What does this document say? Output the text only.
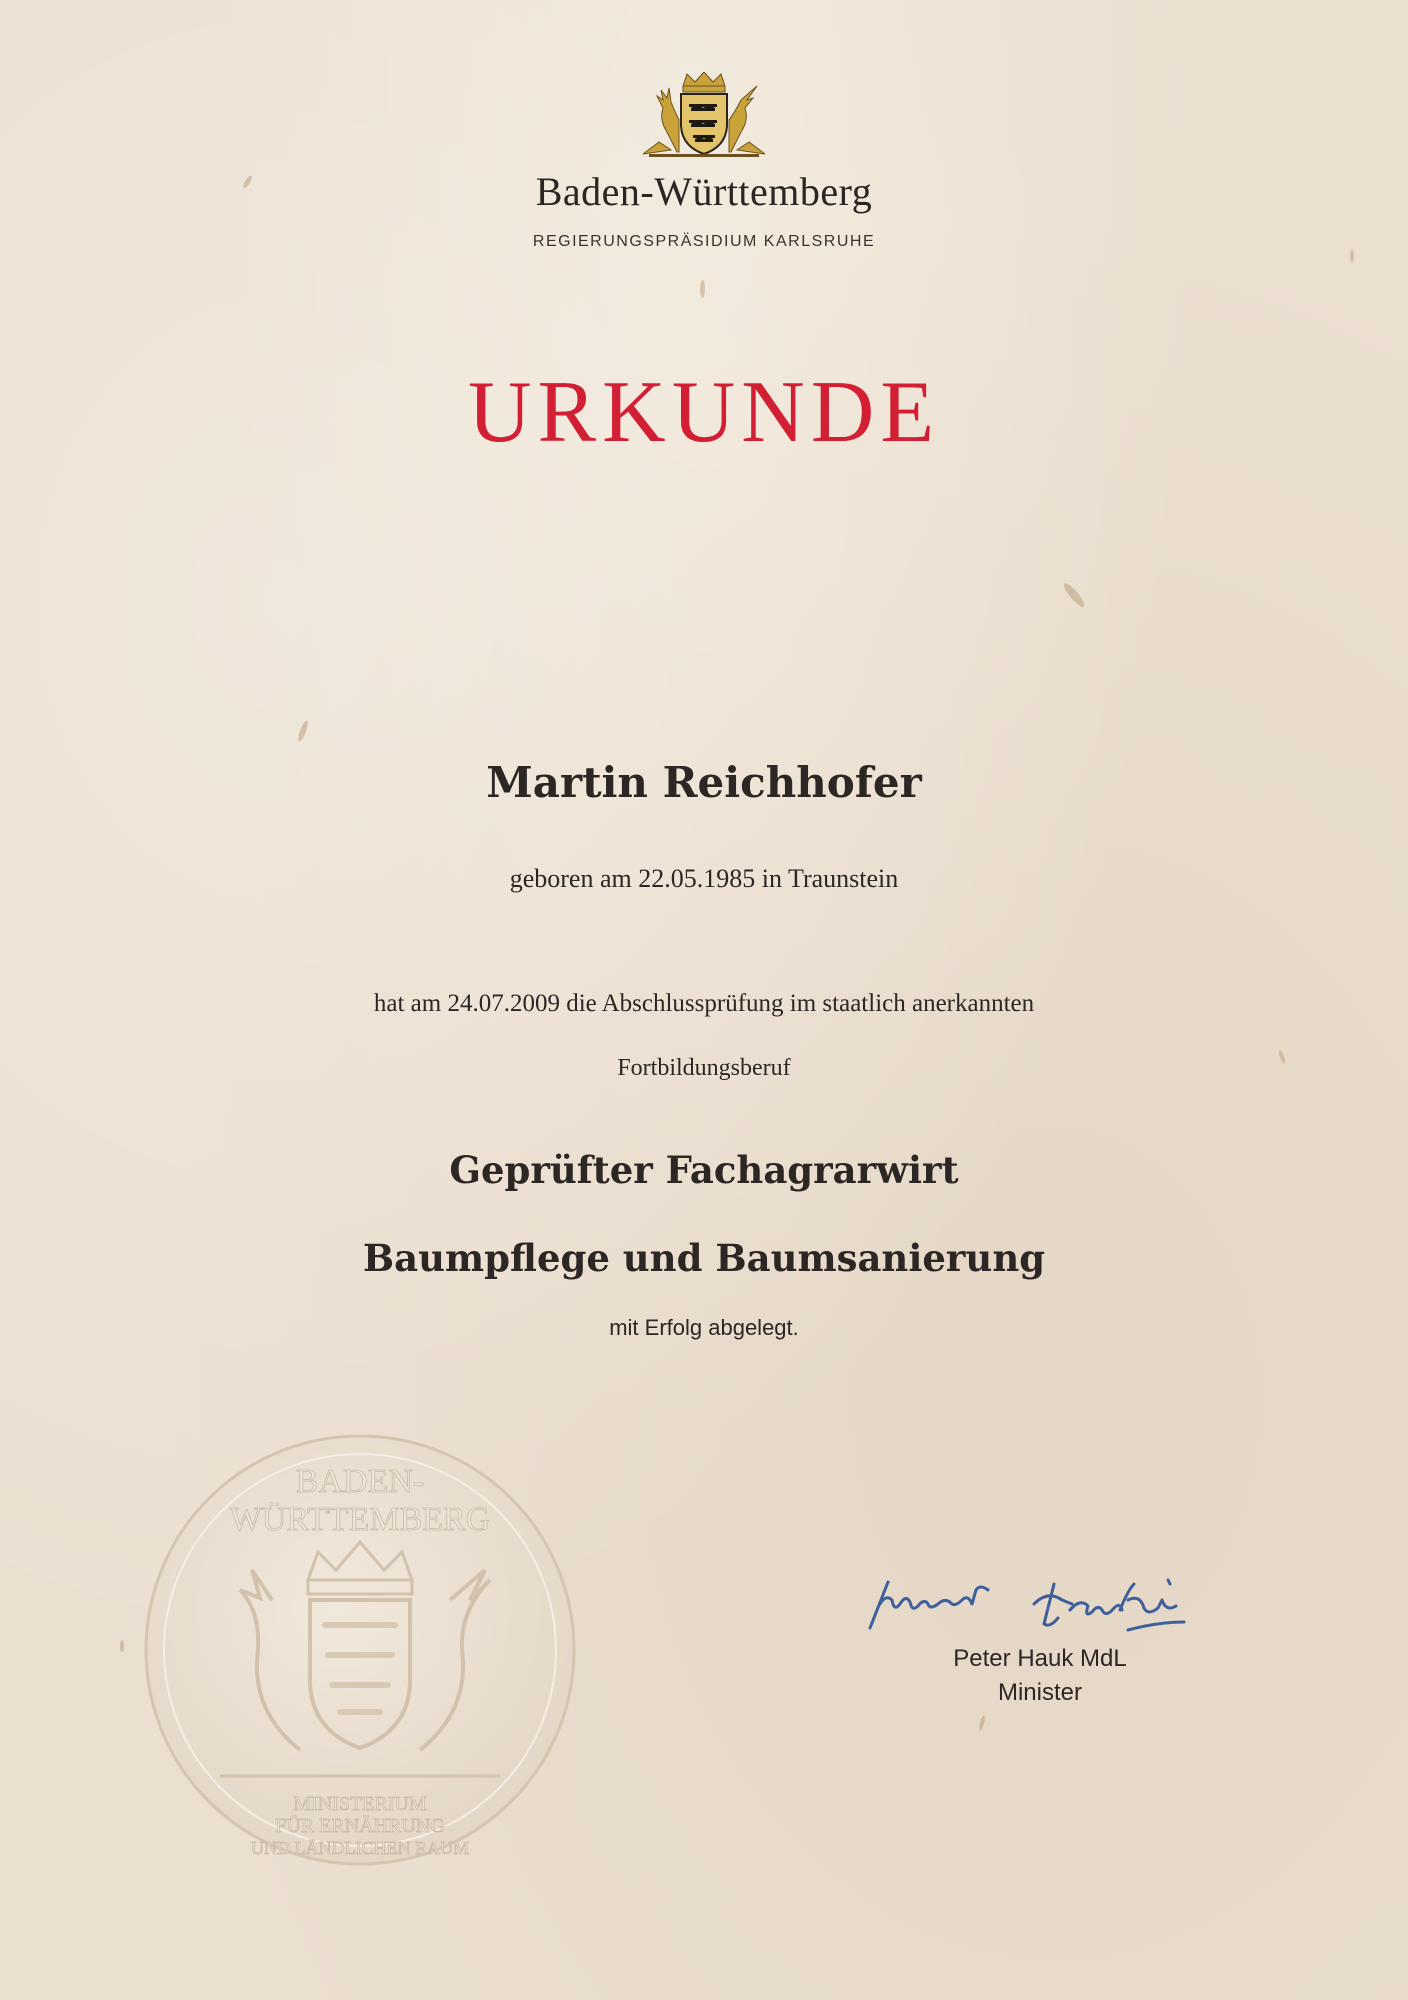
Baden-Württemberg
REGIERUNGSPRÄSIDIUM KARLSRUHE
URKUNDE
Martin Reichhofer
geboren am 22.05.1985 in Traunstein
hat am 24.07.2009 die Abschlussprüfung im staatlich anerkannten
Fortbildungsberuf
Geprüfter Fachagrarwirt
Baumpflege und Baumsanierung
mit Erfolg abgelegt.
BADEN-
WÜRTTEMBERG
MINISTERIUM
FÜR ERNÄHRUNG
UND LÄNDLICHEN RAUM
Peter Hauk MdL
Minister
